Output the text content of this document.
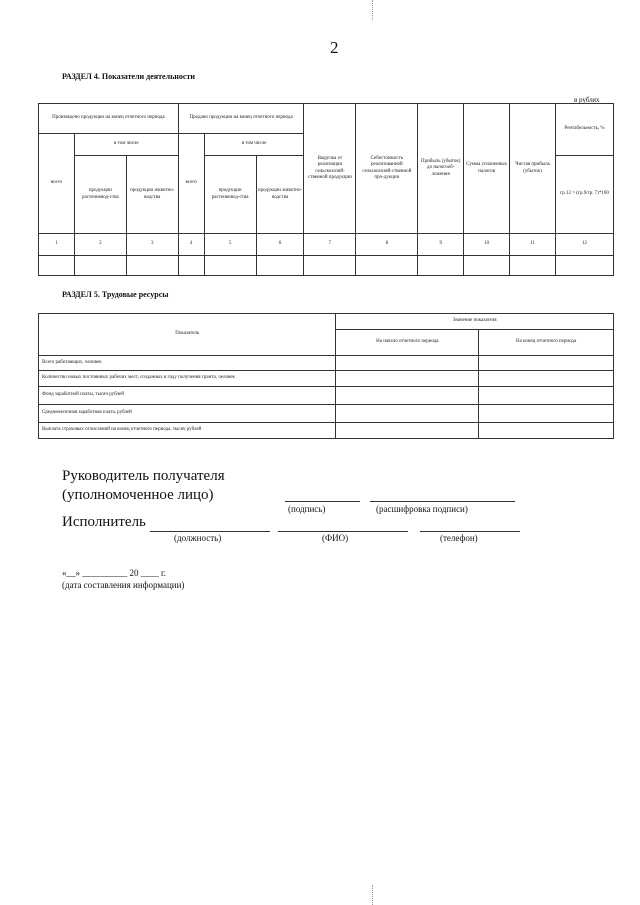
2
РАЗДЕЛ 4. Показатели деятельности
в рублях
Произведено продукции на конец отчетного периода			Продано продукции на конец отчетного периода			Выручка от реализации сельскохозяй-ственной продукции	Себестоимость реализованной сельскохозяй-ственной про-дукции	Прибыль (убыток) до налогооб-ложения	Сумма уплаченных налогов	Чистая прибыль (убыток)	Рентабельность, %
всего	в том числе		всего	в том числе							
	продукции растениевод-ства	продукции животно-водства		продукции растениевод-ства	продукции животно-водства						гр.12 = (гр.9/гр. 7)*100
1	2	3	4	5	6	7	8	9	10	11	12

РАЗДЕЛ 5. Трудовые ресурсы
Показатель	Значение показателя	
	На начало отчетного периода	На конец отчетного периода
Всего работающих, человек		
Количество новых постоянных рабочих мест, созданных в году получения гранта, человек		
Фонд заработной платы, тысяч рублей		
Среднемесячная заработная плата, рублей		
Выплата страховых отчислений на конец отчетного периода, тысяч рублей		
Руководитель получателя
(уполномоченное лицо)
(подпись)	(расшифровка подписи)
Исполнитель
(должность)	(ФИО)	(телефон)
«__» __________ 20 ____ г.
(дата составления информации)
